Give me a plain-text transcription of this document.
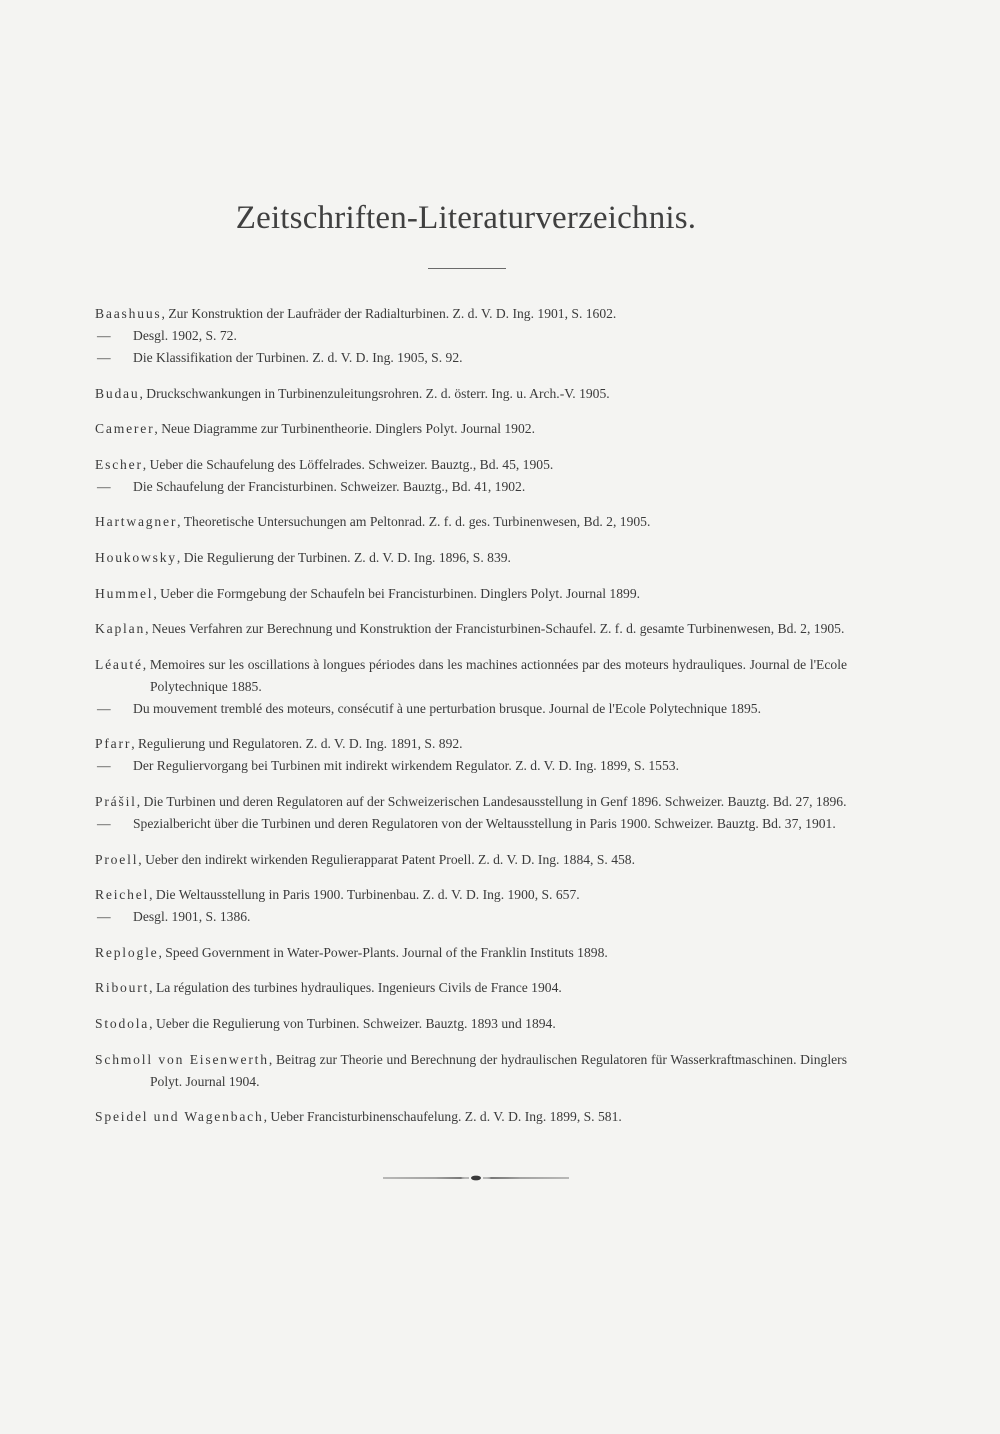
Zeitschriften-Literaturverzeichnis.

Baashuus, Zur Konstruktion der Laufräder der Radialturbinen. Z. d. V. D. Ing. 1901, S. 1602.

— Desgl. 1902, S. 72.

— Die Klassifikation der Turbinen. Z. d. V. D. Ing. 1905, S. 92.

Budau, Druckschwankungen in Turbinenzuleitungsrohren. Z. d. österr. Ing. u. Arch.-V. 1905.

Camerer, Neue Diagramme zur Turbinentheorie. Dinglers Polyt. Journal 1902.

Escher, Ueber die Schaufelung des Löffelrades. Schweizer. Bauztg., Bd. 45, 1905.

— Die Schaufelung der Francisturbinen. Schweizer. Bauztg., Bd. 41, 1902.

Hartwagner, Theoretische Untersuchungen am Peltonrad. Z. f. d. ges. Turbinenwesen, Bd. 2, 1905.

Houkowsky, Die Regulierung der Turbinen. Z. d. V. D. Ing. 1896, S. 839.

Hummel, Ueber die Formgebung der Schaufeln bei Francisturbinen. Dinglers Polyt. Journal 1899.

Kaplan, Neues Verfahren zur Berechnung und Konstruktion der Francisturbinen-Schaufel. Z. f. d. gesamte Turbinenwesen, Bd. 2, 1905.

Léauté, Memoires sur les oscillations à longues périodes dans les machines actionnées par des moteurs hydrauliques. Journal de l'Ecole Polytechnique 1885.

— Du mouvement tremblé des moteurs, consécutif à une perturbation brusque. Journal de l'Ecole Polytechnique 1895.

Pfarr, Regulierung und Regulatoren. Z. d. V. D. Ing. 1891, S. 892.

— Der Reguliervorgang bei Turbinen mit indirekt wirkendem Regulator. Z. d. V. D. Ing. 1899, S. 1553.

Prášil, Die Turbinen und deren Regulatoren auf der Schweizerischen Landesausstellung in Genf 1896. Schweizer. Bauztg. Bd. 27, 1896.

— Spezialbericht über die Turbinen und deren Regulatoren von der Weltausstellung in Paris 1900. Schweizer. Bauztg. Bd. 37, 1901.

Proell, Ueber den indirekt wirkenden Regulierapparat Patent Proell. Z. d. V. D. Ing. 1884, S. 458.

Reichel, Die Weltausstellung in Paris 1900. Turbinenbau. Z. d. V. D. Ing. 1900, S. 657.

— Desgl. 1901, S. 1386.

Replogle, Speed Government in Water-Power-Plants. Journal of the Franklin Instituts 1898.

Ribourt, La régulation des turbines hydrauliques. Ingenieurs Civils de France 1904.

Stodola, Ueber die Regulierung von Turbinen. Schweizer. Bauztg. 1893 und 1894.

Schmoll von Eisenwerth, Beitrag zur Theorie und Berechnung der hydraulischen Regulatoren für Wasserkraftmaschinen. Dinglers Polyt. Journal 1904.

Speidel und Wagenbach, Ueber Francisturbinenschaufelung. Z. d. V. D. Ing. 1899, S. 581.
